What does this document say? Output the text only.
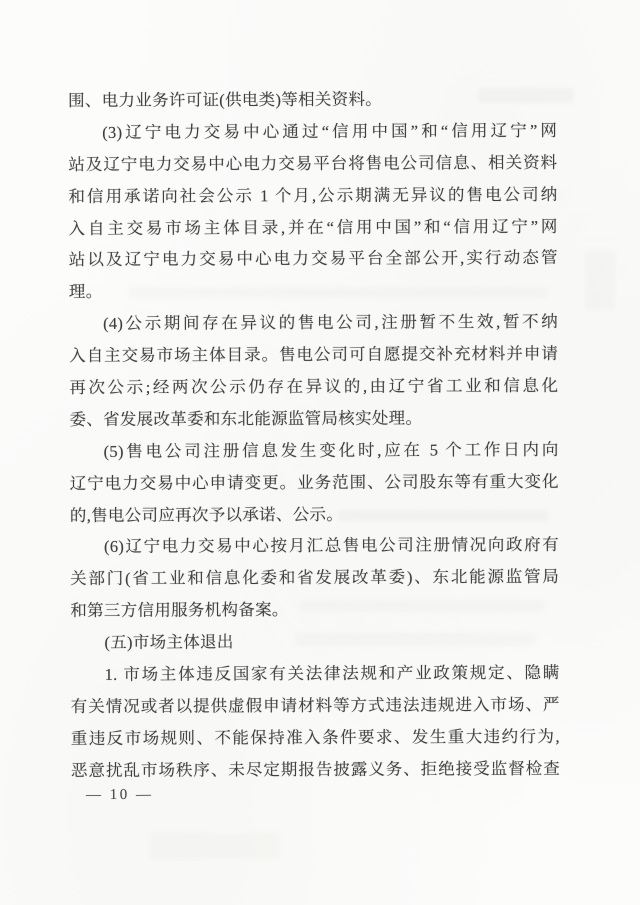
围、电力业务许可证(供电类)等相关资料。

(3)辽宁电力交易中心通过“信用中国”和“信用辽宁”网

站及辽宁电力交易中心电力交易平台将售电公司信息、相关资料

和信用承诺向社会公示 1 个月,公示期满无异议的售电公司纳

入自主交易市场主体目录,并在“信用中国”和“信用辽宁”网

站以及辽宁电力交易中心电力交易平台全部公开,实行动态管

理。

(4)公示期间存在异议的售电公司,注册暂不生效,暂不纳

入自主交易市场主体目录。售电公司可自愿提交补充材料并申请

再次公示;经两次公示仍存在异议的,由辽宁省工业和信息化

委、省发展改革委和东北能源监管局核实处理。

(5)售电公司注册信息发生变化时,应在 5 个工作日内向

辽宁电力交易中心申请变更。业务范围、公司股东等有重大变化

的,售电公司应再次予以承诺、公示。

(6)辽宁电力交易中心按月汇总售电公司注册情况向政府有

关部门(省工业和信息化委和省发展改革委)、东北能源监管局

和第三方信用服务机构备案。

(五)市场主体退出

1. 市场主体违反国家有关法律法规和产业政策规定、隐瞒

有关情况或者以提供虚假申请材料等方式违法违规进入市场、严

重违反市场规则、不能保持准入条件要求、发生重大违约行为,

恶意扰乱市场秩序、未尽定期报告披露义务、拒绝接受监督检查

— 10 —
